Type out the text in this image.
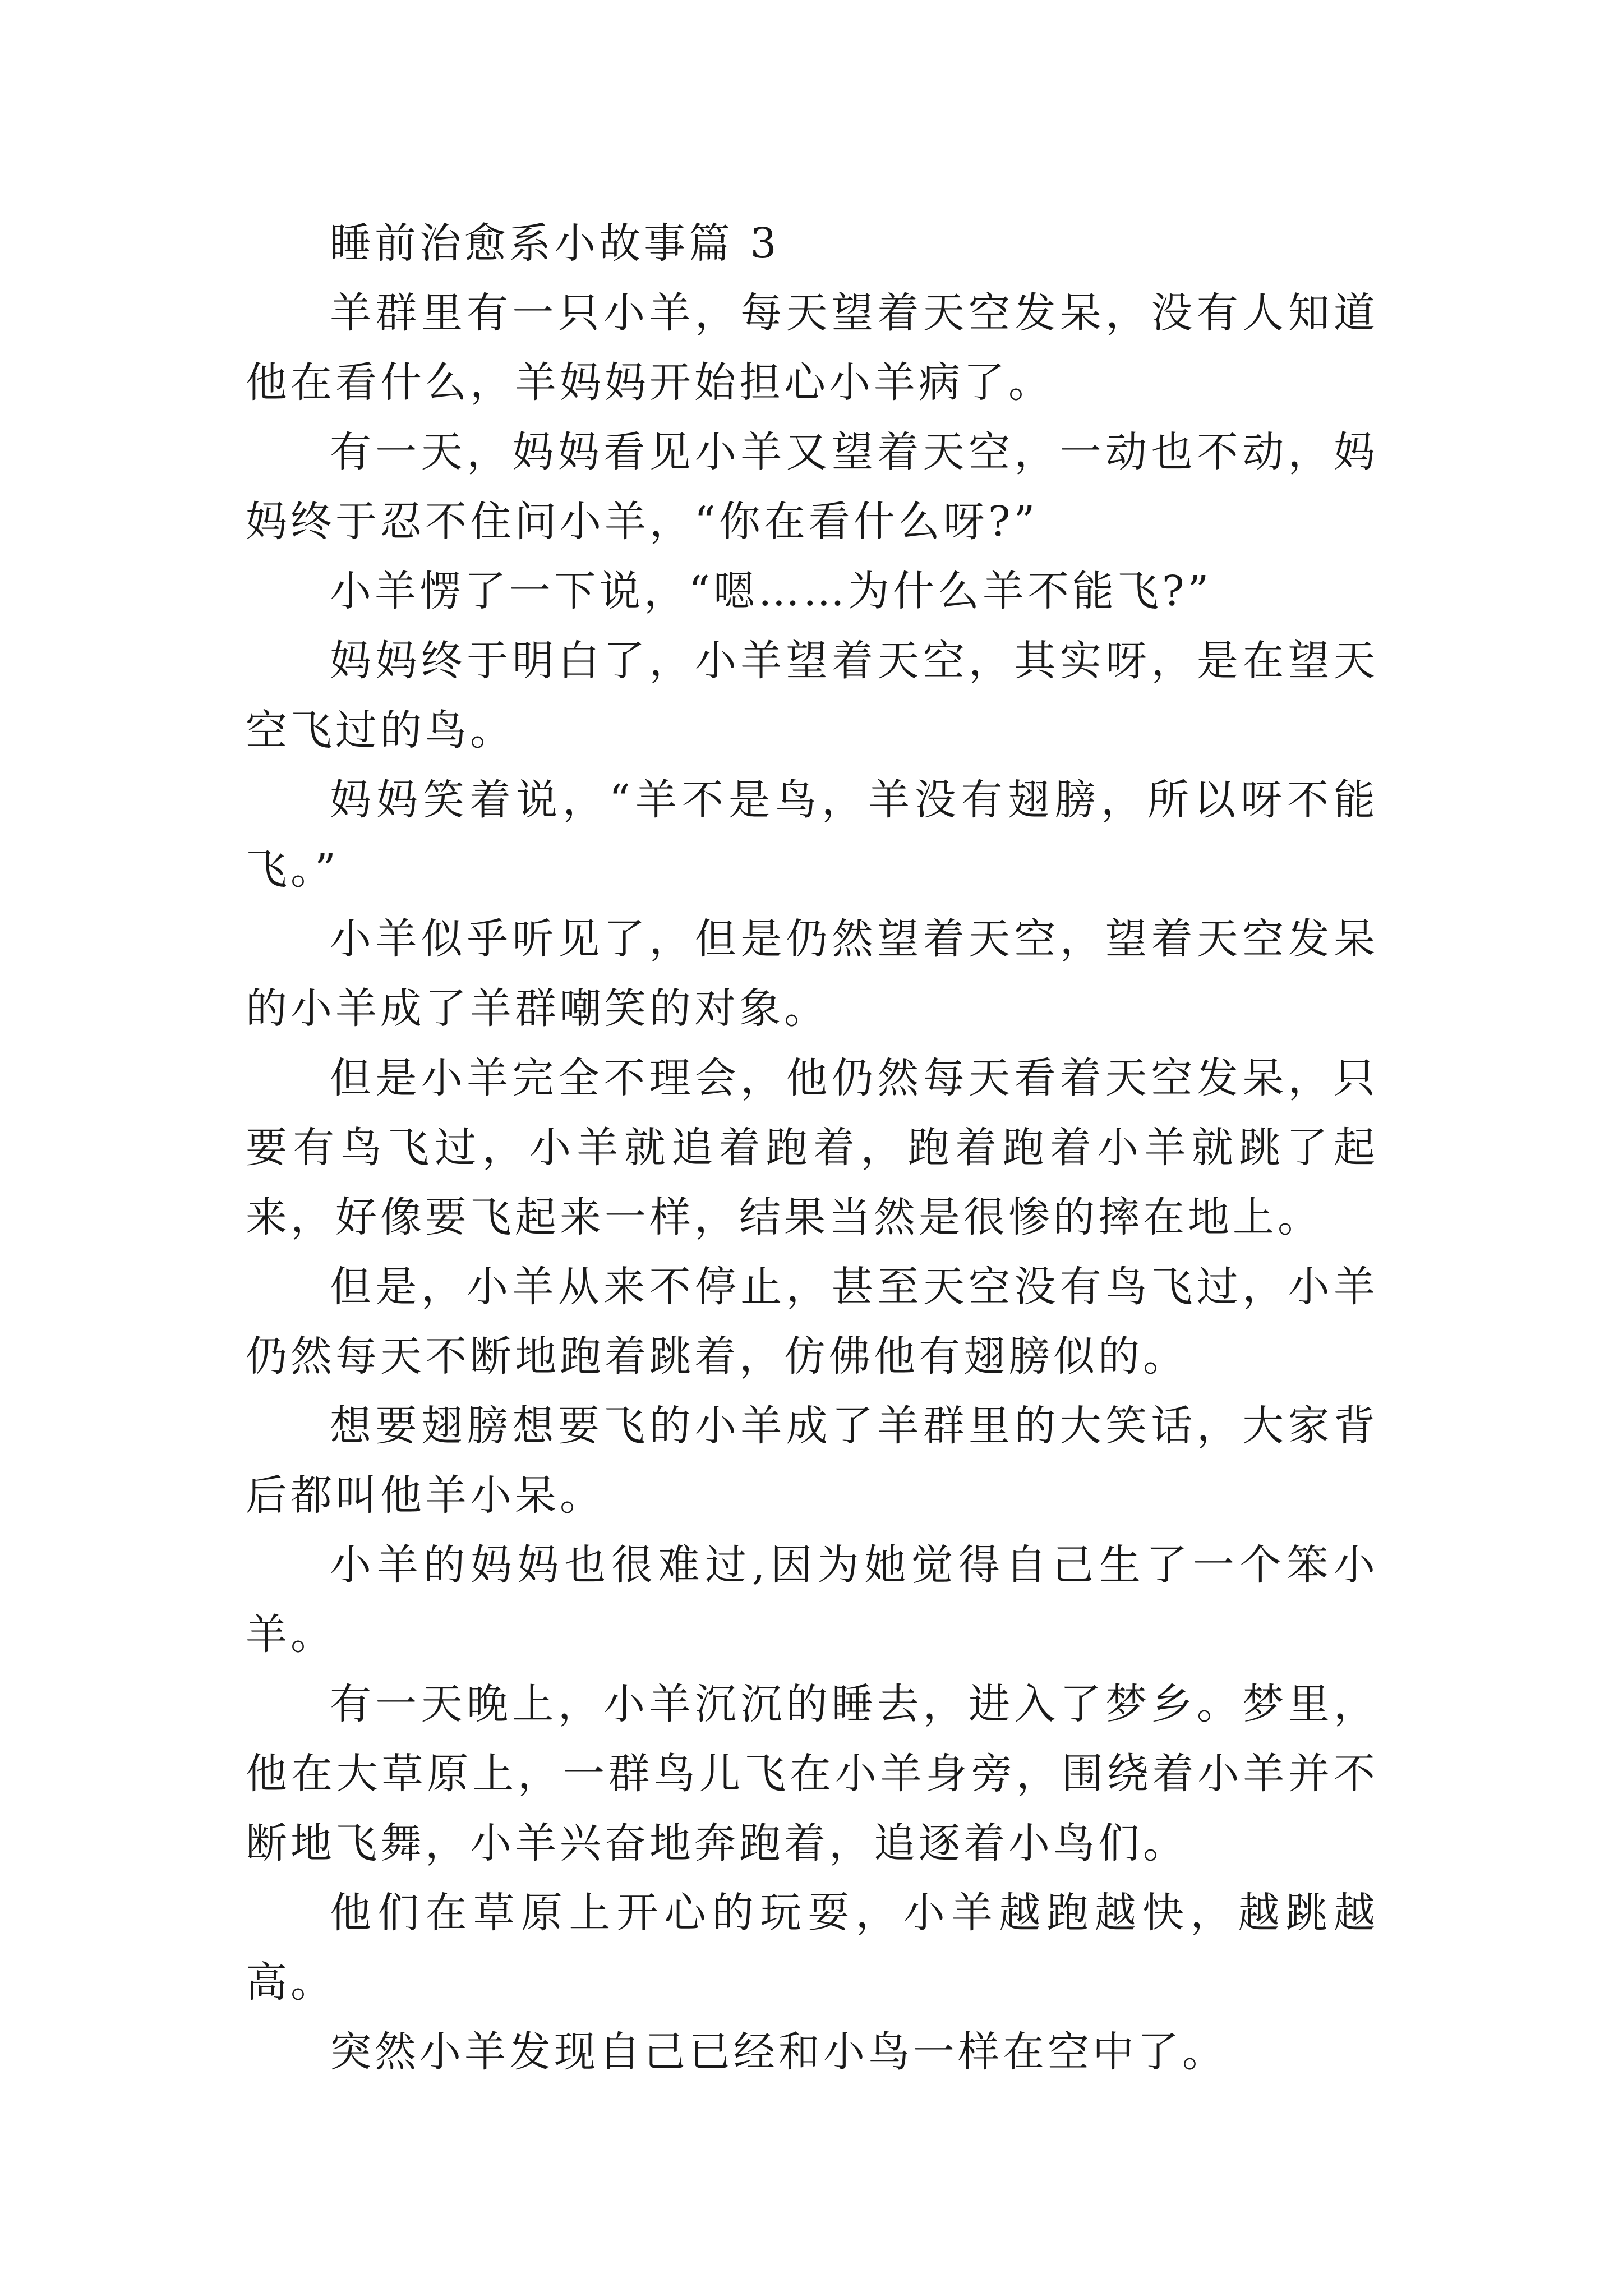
睡前治愈系小故事篇 3

羊群里有一只小羊，每天望着天空发呆，没有人知道他在看什么，羊妈妈开始担心小羊病了。

有一天，妈妈看见小羊又望着天空，一动也不动，妈妈终于忍不住问小羊，“你在看什么呀?”

小羊愣了一下说，“嗯……为什么羊不能飞?”

妈妈终于明白了，小羊望着天空，其实呀，是在望天空飞过的鸟。

妈妈笑着说，“羊不是鸟，羊没有翅膀，所以呀不能飞。”

小羊似乎听见了，但是仍然望着天空，望着天空发呆的小羊成了羊群嘲笑的对象。

但是小羊完全不理会，他仍然每天看着天空发呆，只要有鸟飞过，小羊就追着跑着，跑着跑着小羊就跳了起来，好像要飞起来一样，结果当然是很惨的摔在地上。

但是，小羊从来不停止，甚至天空没有鸟飞过，小羊仍然每天不断地跑着跳着，仿佛他有翅膀似的。

想要翅膀想要飞的小羊成了羊群里的大笑话，大家背后都叫他羊小呆。

小羊的妈妈也很难过,因为她觉得自己生了一个笨小羊。

有一天晚上，小羊沉沉的睡去，进入了梦乡。梦里，他在大草原上，一群鸟儿飞在小羊身旁，围绕着小羊并不断地飞舞，小羊兴奋地奔跑着，追逐着小鸟们。

他们在草原上开心的玩耍，小羊越跑越快，越跳越高。

突然小羊发现自己已经和小鸟一样在空中了。
